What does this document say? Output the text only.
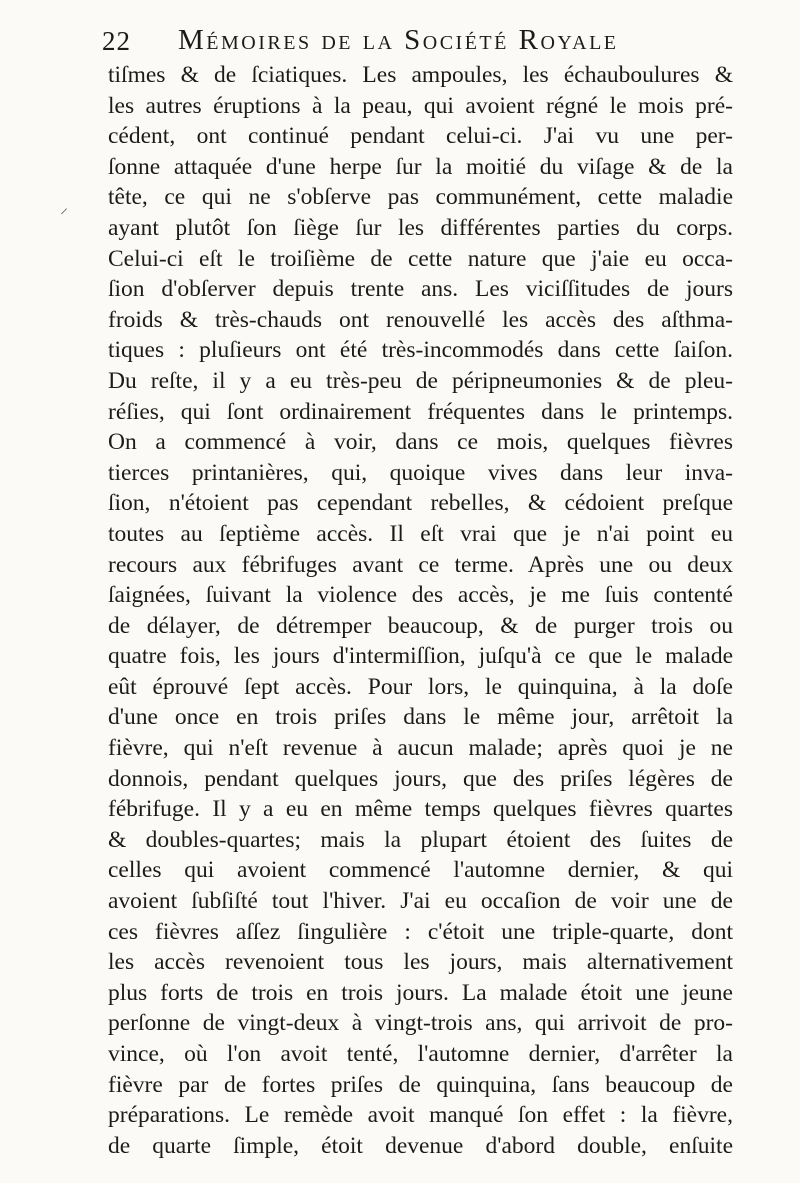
22 Mémoires de la Société Royale
⸝
tiſmes & de ſciatiques. Les ampoules, les échauboulures &
les autres éruptions à la peau, qui avoient régné le mois pré-
cédent, ont continué pendant celui-ci. J'ai vu une per-
ſonne attaquée d'une herpe ſur la moitié du viſage & de la
tête, ce qui ne s'obſerve pas communément, cette maladie
ayant plutôt ſon ſiège ſur les différentes parties du corps.
Celui-ci eſt le troiſième de cette nature que j'aie eu occa-
ſion d'obſerver depuis trente ans. Les viciſſitudes de jours
froids & très-chauds ont renouvellé les accès des aſthma-
tiques : pluſieurs ont été très-incommodés dans cette ſaiſon.
Du reſte, il y a eu très-peu de péripneumonies & de pleu-
réſies, qui ſont ordinairement fréquentes dans le printemps.
On a commencé à voir, dans ce mois, quelques fièvres
tierces printanières, qui, quoique vives dans leur inva-
ſion, n'étoient pas cependant rebelles, & cédoient preſque
toutes au ſeptième accès. Il eſt vrai que je n'ai point eu
recours aux fébrifuges avant ce terme. Après une ou deux
ſaignées, ſuivant la violence des accès, je me ſuis contenté
de délayer, de détremper beaucoup, & de purger trois ou
quatre fois, les jours d'intermiſſion, juſqu'à ce que le malade
eût éprouvé ſept accès. Pour lors, le quinquina, à la doſe
d'une once en trois priſes dans le même jour, arrêtoit la
fièvre, qui n'eſt revenue à aucun malade; après quoi je ne
donnois, pendant quelques jours, que des priſes légères de
fébrifuge. Il y a eu en même temps quelques fièvres quartes
& doubles-quartes; mais la plupart étoient des ſuites de
celles qui avoient commencé l'automne dernier, & qui
avoient ſubſiſté tout l'hiver. J'ai eu occaſion de voir une de
ces fièvres aſſez ſingulière : c'étoit une triple-quarte, dont
les accès revenoient tous les jours, mais alternativement
plus forts de trois en trois jours. La malade étoit une jeune
perſonne de vingt-deux à vingt-trois ans, qui arrivoit de pro-
vince, où l'on avoit tenté, l'automne dernier, d'arrêter la
fièvre par de fortes priſes de quinquina, ſans beaucoup de
préparations. Le remède avoit manqué ſon effet : la fièvre,
de quarte ſimple, étoit devenue d'abord double, enſuite
